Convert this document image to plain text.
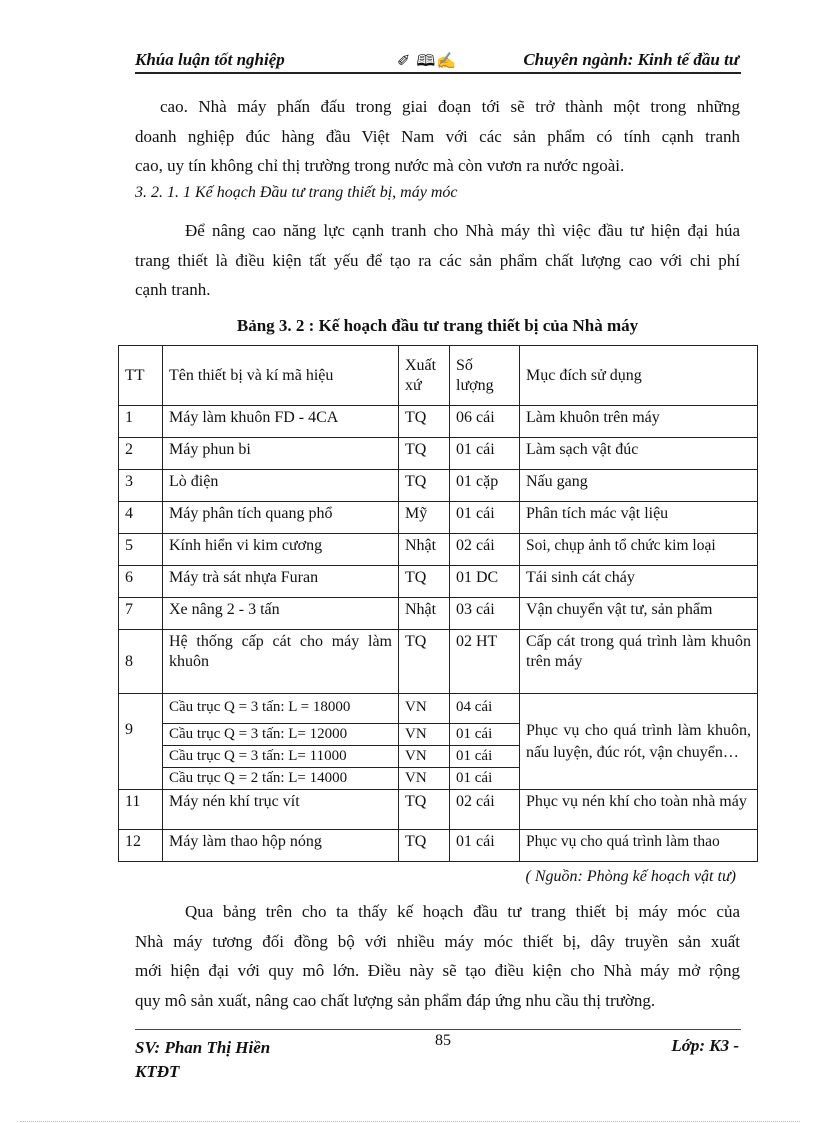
Khúa luận tốt nghiệp	✐ 🕮✍	Chuyên ngành: Kinh tế đầu tư
cao. Nhà máy phấn đấu trong giai đoạn tới sẽ trở thành một trong những
doanh nghiệp đúc hàng đầu Việt Nam với các sản phẩm có tính cạnh tranh
cao, uy tín không chỉ thị trường trong nước mà còn vươn ra nước ngoài.
3. 2. 1. 1 Kế hoạch Đầu tư trang thiết bị, máy móc
Để nâng cao năng lực cạnh tranh cho Nhà máy thì việc đầu tư hiện đại húa
trang thiết là điều kiện tất yếu để tạo ra các sản phẩm chất lượng cao với chi phí
cạnh tranh.
Bảng 3. 2 : Kế hoạch đầu tư trang thiết bị của Nhà máy
TT	Tên thiết bị và kí mã hiệu	Xuất xứ	Số lượng	Mục đích sử dụng
1	Máy làm khuôn FD - 4CA	TQ	06 cái	Làm khuôn trên máy
2	Máy phun bi	TQ	01 cái	Làm sạch vật đúc
3	Lò điện	TQ	01 cặp	Nấu gang
4	Máy phân tích quang phổ	Mỹ	01 cái	Phân tích mác vật liệu
5	Kính hiển vi kim cương	Nhật	02 cái	Soi, chụp ảnh tổ chức kim loại
6	Máy trà sát nhựa Furan	TQ	01 DC	Tái sinh cát cháy
7	Xe nâng 2 - 3 tấn	Nhật	03 cái	Vận chuyển vật tư, sản phẩm
8	Hệ thống cấp cát cho máy làm khuôn	TQ	02 HT	Cấp cát trong quá trình làm khuôn trên máy
9	Cầu trục Q = 3 tấn: L = 18000	VN	04 cái	Phục vụ cho quá trình làm khuôn, nấu luyện, đúc rót, vận chuyển…
	Cầu trục Q = 3 tấn: L= 12000	VN	01 cái	
	Cầu trục Q = 3 tấn: L= 11000	VN	01 cái	
	Cầu trục Q = 2 tấn: L= 14000	VN	01 cái	
11	Máy nén khí trục vít	TQ	02 cái	Phục vụ nén khí cho toàn nhà máy
12	Máy làm thao hộp nóng	TQ	01 cái	Phục vụ cho quá trình làm thao
( Nguồn: Phòng kế hoạch vật tư)
Qua bảng trên cho ta thấy kế hoạch đầu tư trang thiết bị máy móc của
Nhà máy tương đối đồng bộ với nhiều máy móc thiết bị, dây truyền sản xuất
mới hiện đại với quy mô lớn. Điều này sẽ tạo điều kiện cho Nhà máy mở rộng
quy mô sản xuất, nâng cao chất lượng sản phẩm đáp ứng nhu cầu thị trường.
SV: Phan Thị Hiền
KTĐT
85	Lớp: K3 -
